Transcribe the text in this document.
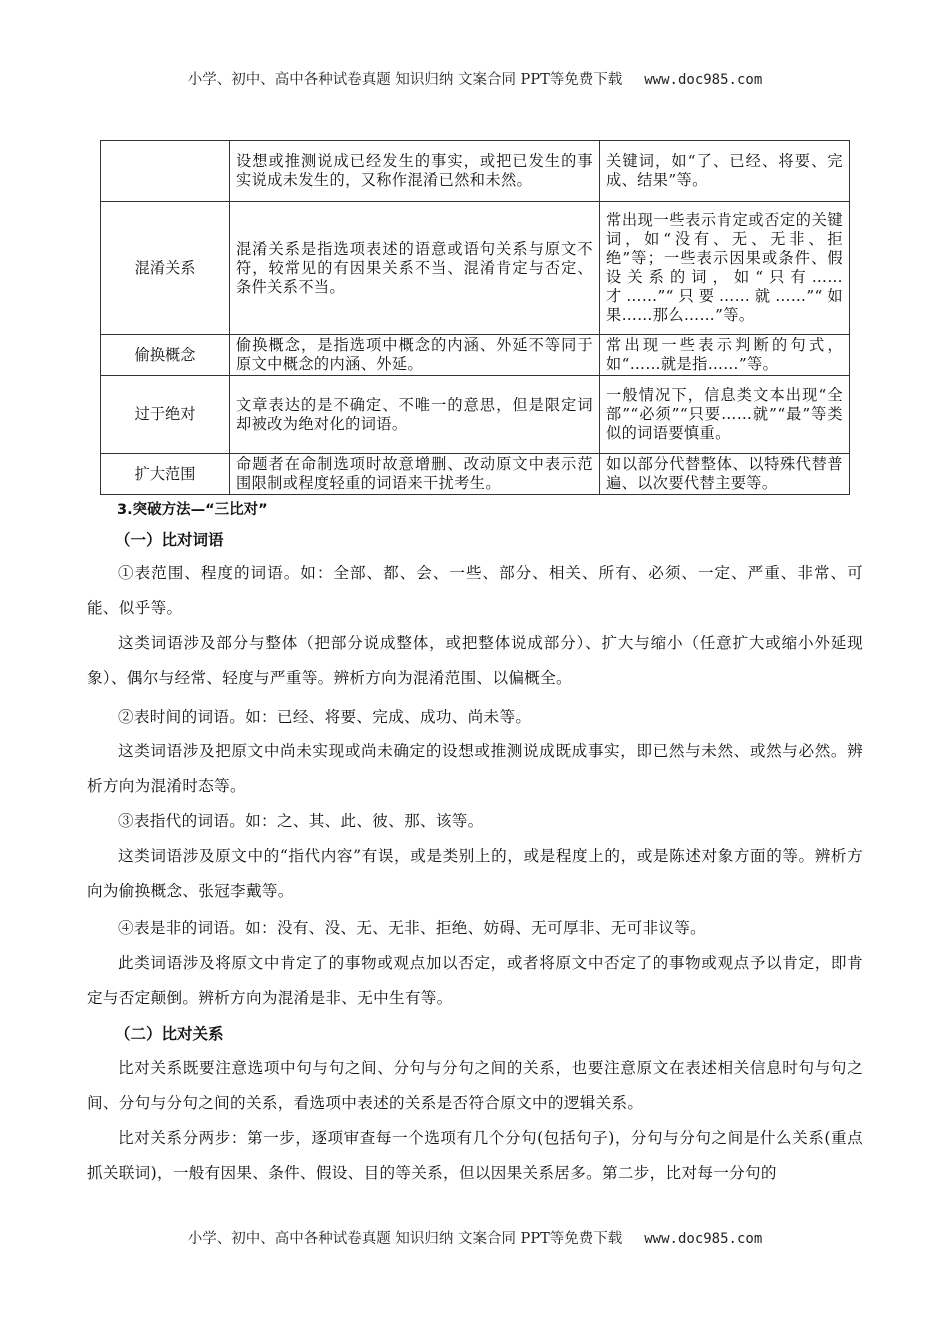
小学、初中、高中各种试卷真题 知识归纳 文案合同 PPT等免费下载 www.doc985.com
	设想或推测说成已经发生的事实，或把已发生的事实说成未发生的，又称作混淆已然和未然。	关键词，如“了、已经、将要、完成、结果”等。
混淆关系	混淆关系是指选项表述的语意或语句关系与原文不符，较常见的有因果关系不当、混淆肯定与否定、条件关系不当。	常出现一些表示肯定或否定的关键词，如“没有、无、无非、拒绝”等；一些表示因果或条件、假设关系的词，如“只有……才……”“只要……就……”“如果……那么……”等。
偷换概念	偷换概念，是指选项中概念的内涵、外延不等同于原文中概念的内涵、外延。	常出现一些表示判断的句式，如“……就是指……”等。
过于绝对	文章表达的是不确定、不唯一的意思，但是限定词却被改为绝对化的词语。	一般情况下，信息类文本出现“全部”“必须”“只要……就”“最”等类似的词语要慎重。
扩大范围	命题者在命制选项时故意增删、改动原文中表示范围限制或程度轻重的词语来干扰考生。	如以部分代替整体、以特殊代替普遍、以次要代替主要等。
3.突破方法—“三比对”
（一）比对词语
①表范围、程度的词语。如：全部、都、会、一些、部分、相关、所有、必须、一定、严重、非常、可能、似乎等。
这类词语涉及部分与整体（把部分说成整体，或把整体说成部分）、扩大与缩小（任意扩大或缩小外延现象）、偶尔与经常、轻度与严重等。辨析方向为混淆范围、以偏概全。
②表时间的词语。如：已经、将要、完成、成功、尚未等。
这类词语涉及把原文中尚未实现或尚未确定的设想或推测说成既成事实，即已然与未然、或然与必然。辨析方向为混淆时态等。
③表指代的词语。如：之、其、此、彼、那、该等。
这类词语涉及原文中的“指代内容”有误，或是类别上的，或是程度上的，或是陈述对象方面的等。辨析方向为偷换概念、张冠李戴等。
④表是非的词语。如：没有、没、无、无非、拒绝、妨碍、无可厚非、无可非议等。
此类词语涉及将原文中肯定了的事物或观点加以否定，或者将原文中否定了的事物或观点予以肯定，即肯定与否定颠倒。辨析方向为混淆是非、无中生有等。
（二）比对关系
比对关系既要注意选项中句与句之间、分句与分句之间的关系，也要注意原文在表述相关信息时句与句之间、分句与分句之间的关系，看选项中表述的关系是否符合原文中的逻辑关系。
比对关系分两步：第一步，逐项审查每一个选项有几个分句(包括句子)，分句与分句之间是什么关系(重点抓关联词)，一般有因果、条件、假设、目的等关系，但以因果关系居多。第二步，比对每一分句的
小学、初中、高中各种试卷真题 知识归纳 文案合同 PPT等免费下载 www.doc985.com
